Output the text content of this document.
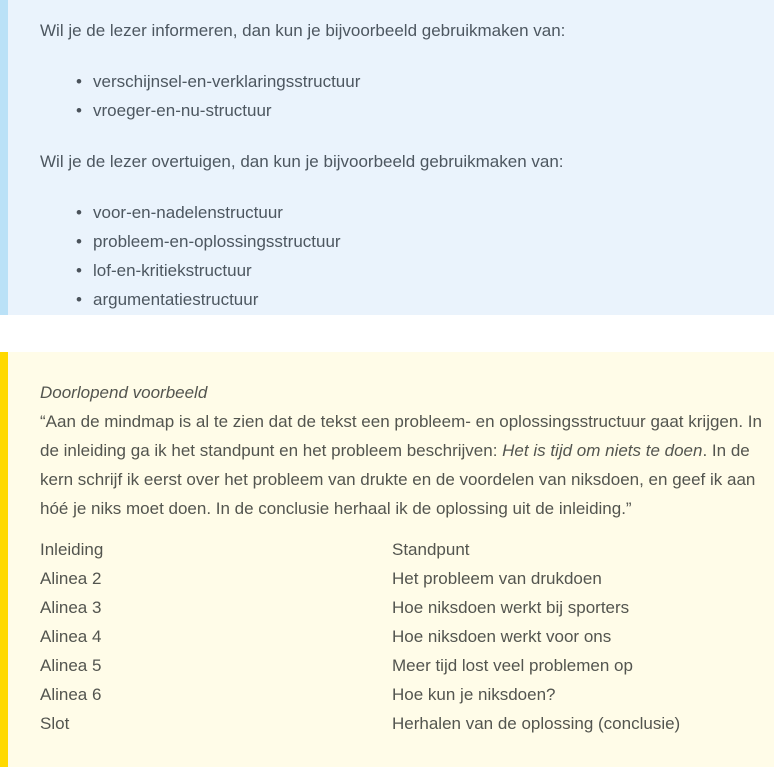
Wil je de lezer informeren, dan kun je bijvoorbeeld gebruikmaken van:

• verschijnsel-en-verklaringsstructuur
• vroeger-en-nu-structuur

Wil je de lezer overtuigen, dan kun je bijvoorbeeld gebruikmaken van:

• voor-en-nadelenstructuur
• probleem-en-oplossingsstructuur
• lof-en-kritiekstructuur
• argumentatiestructuur
Doorlopend voorbeeld

“Aan de mindmap is al te zien dat de tekst een probleem- en oplossingsstructuur gaat krijgen. In de inleiding ga ik het standpunt en het probleem beschrijven: Het is tijd om niets te doen. In de kern schrijf ik eerst over het probleem van drukte en de voordelen van niksdoen, en geef ik aan hóé je niks moet doen. In de conclusie herhaal ik de oplossing uit de inleiding.”

Inleiding	Standpunt
Alinea 2	Het probleem van drukdoen
Alinea 3	Hoe niksdoen werkt bij sporters
Alinea 4	Hoe niksdoen werkt voor ons
Alinea 5	Meer tijd lost veel problemen op
Alinea 6	Hoe kun je niksdoen?
Slot	Herhalen van de oplossing (conclusie)
